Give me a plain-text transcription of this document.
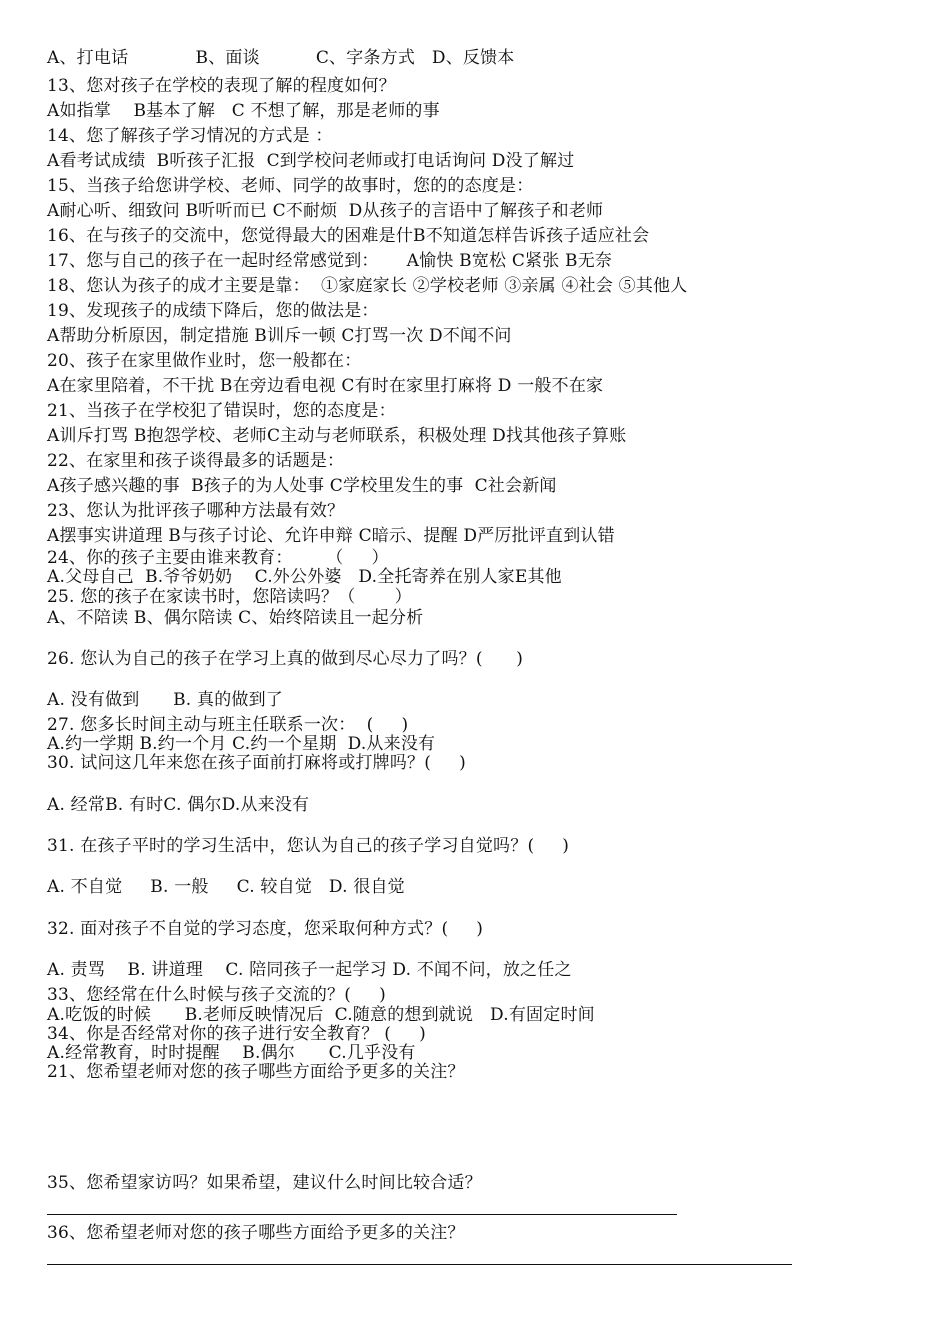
A、打电话            B、面谈          C、字条方式   D、反馈本
13、您对孩子在学校的表现了解的程度如何？
A如指掌    B基本了解   C 不想了解，那是老师的事
14、您了解孩子学习情况的方式是 ：
A看考试成绩  B听孩子汇报  C到学校问老师或打电话询问 D没了解过
15、当孩子给您讲学校、老师、同学的故事时，您的的态度是：
A耐心听、细致问 B听听而已 C不耐烦  D从孩子的言语中了解孩子和老师
16、在与孩子的交流中，您觉得最大的困难是什B不知道怎样告诉孩子适应社会
17、您与自己的孩子在一起时经常感觉到：     A愉快 B宽松 C紧张 B无奈
18、您认为孩子的成才主要是靠：  ①家庭家长 ②学校老师 ③亲属 ④社会 ⑤其他人
19、发现孩子的成绩下降后，您的做法是：
A帮助分析原因，制定措施 B训斥一顿 C打骂一次 D不闻不问
20、孩子在家里做作业时，您一般都在：
A在家里陪着，不干扰 B在旁边看电视 C有时在家里打麻将 D 一般不在家
21、当孩子在学校犯了错误时，您的态度是：
A训斥打骂 B抱怨学校、老师C主动与老师联系，积极处理 D找其他孩子算账
22、在家里和孩子谈得最多的话题是：
A孩子感兴趣的事  B孩子的为人处事 C学校里发生的事  C社会新闻
23、您认为批评孩子哪种方法最有效？
A摆事实讲道理 B与孩子讨论、允许申辩 C暗示、提醒 D严厉批评直到认错
24、你的孩子主要由谁来教育：      （     ）
A.父母自己  B.爷爷奶奶    C.外公外婆   D.全托寄养在别人家E其他
25. 您的孩子在家读书时，您陪读吗？（       ）
A、不陪读 B、偶尔陪读 C、始终陪读且一起分析
26. 您认为自己的孩子在学习上真的做到尽心尽力了吗？(      )
A. 没有做到      B. 真的做到了
27. 您多长时间主动与班主任联系一次：  (     )
A.约一学期 B.约一个月 C.约一个星期  D.从来没有
30. 试问这几年来您在孩子面前打麻将或打牌吗？(     )
A. 经常B. 有时C. 偶尔D.从来没有
31. 在孩子平时的学习生活中，您认为自己的孩子学习自觉吗？(     )
A. 不自觉     B. 一般     C. 较自觉   D. 很自觉
32. 面对孩子不自觉的学习态度，您采取何种方式？(     )
A. 责骂    B. 讲道理    C. 陪同孩子一起学习 D. 不闻不问，放之任之
33、您经常在什么时候与孩子交流的？(     )
A.吃饭的时候      B.老师反映情况后  C.随意的想到就说   D.有固定时间
34、你是否经常对你的孩子进行安全教育？ (     )
A.经常教育，时时提醒    B.偶尔      C.几乎没有
21、您希望老师对您的孩子哪些方面给予更多的关注？
35、您希望家访吗？如果希望，建议什么时间比较合适？
36、您希望老师对您的孩子哪些方面给予更多的关注？
